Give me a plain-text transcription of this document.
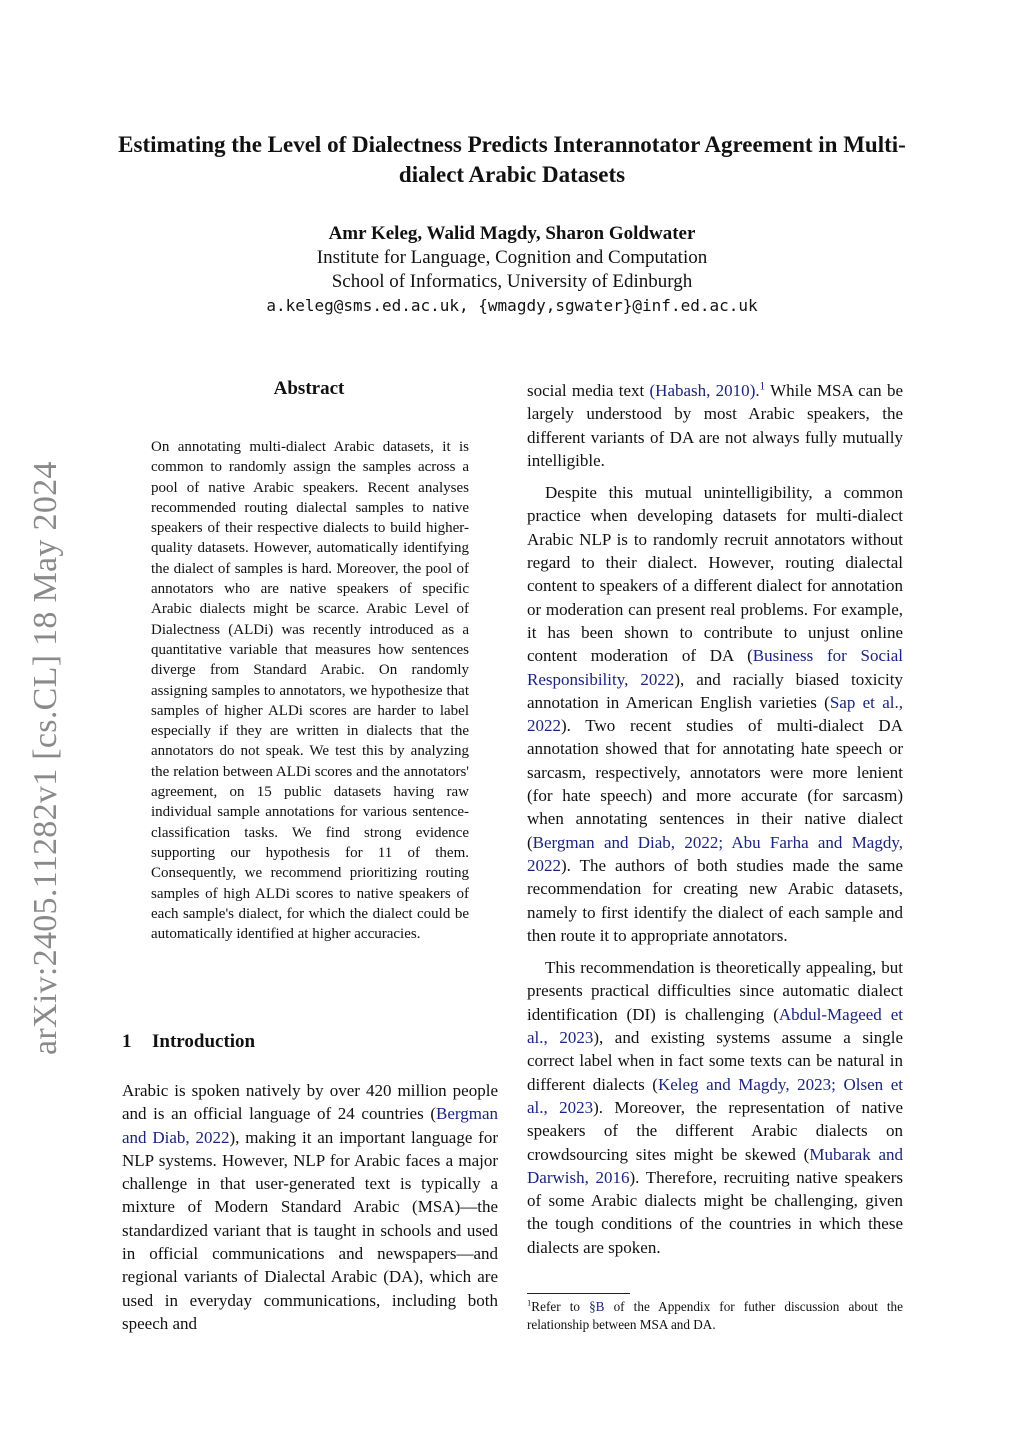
arXiv:2405.11282v1 [cs.CL] 18 May 2024
Estimating the Level of Dialectness Predicts Interannotator Agreement in Multi-dialect Arabic Datasets
Amr Keleg, Walid Magdy, Sharon Goldwater
Institute for Language, Cognition and Computation
School of Informatics, University of Edinburgh
a.keleg@sms.ed.ac.uk, {wmagdy,sgwater}@inf.ed.ac.uk
Abstract
On annotating multi-dialect Arabic datasets, it is common to randomly assign the samples across a pool of native Arabic speakers. Recent analyses recommended routing dialectal samples to native speakers of their respective dialects to build higher-quality datasets. However, automatically identifying the dialect of samples is hard. Moreover, the pool of annotators who are native speakers of specific Arabic dialects might be scarce. Arabic Level of Dialectness (ALDi) was recently introduced as a quantitative variable that measures how sentences diverge from Standard Arabic. On randomly assigning samples to annotators, we hypothesize that samples of higher ALDi scores are harder to label especially if they are written in dialects that the annotators do not speak. We test this by analyzing the relation between ALDi scores and the annotators' agreement, on 15 public datasets having raw individual sample annotations for various sentence-classification tasks. We find strong evidence supporting our hypothesis for 11 of them. Consequently, we recommend prioritizing routing samples of high ALDi scores to native speakers of each sample's dialect, for which the dialect could be automatically identified at higher accuracies.
1 Introduction
Arabic is spoken natively by over 420 million people and is an official language of 24 countries (Bergman and Diab, 2022), making it an important language for NLP systems. However, NLP for Arabic faces a major challenge in that user-generated text is typically a mixture of Modern Standard Arabic (MSA)—the standardized variant that is taught in schools and used in official communications and newspapers—and regional variants of Dialectal Arabic (DA), which are used in everyday communications, including both speech and

social media text (Habash, 2010).$^1$ While MSA can be largely understood by most Arabic speakers, the different variants of DA are not always fully mutually intelligible.

Despite this mutual unintelligibility, a common practice when developing datasets for multi-dialect Arabic NLP is to randomly recruit annotators without regard to their dialect. However, routing dialectal content to speakers of a different dialect for annotation or moderation can present real problems. For example, it has been shown to contribute to unjust online content moderation of DA (Business for Social Responsibility, 2022), and racially biased toxicity annotation in American English varieties (Sap et al., 2022). Two recent studies of multi-dialect DA annotation showed that for annotating hate speech or sarcasm, respectively, annotators were more lenient (for hate speech) and more accurate (for sarcasm) when annotating sentences in their native dialect (Bergman and Diab, 2022; Abu Farha and Magdy, 2022). The authors of both studies made the same recommendation for creating new Arabic datasets, namely to first identify the dialect of each sample and then route it to appropriate annotators.

This recommendation is theoretically appealing, but presents practical difficulties since automatic dialect identification (DI) is challenging (Abdul-Mageed et al., 2023), and existing systems assume a single correct label when in fact some texts can be natural in different dialects (Keleg and Magdy, 2023; Olsen et al., 2023). Moreover, the representation of native speakers of the different Arabic dialects on crowdsourcing sites might be skewed (Mubarak and Darwish, 2016). Therefore, recruiting native speakers of some Arabic dialects might be challenging, given the tough conditions of the countries in which these dialects are spoken.

$^1$Refer to §B of the Appendix for futher discussion about the relationship between MSA and DA.
